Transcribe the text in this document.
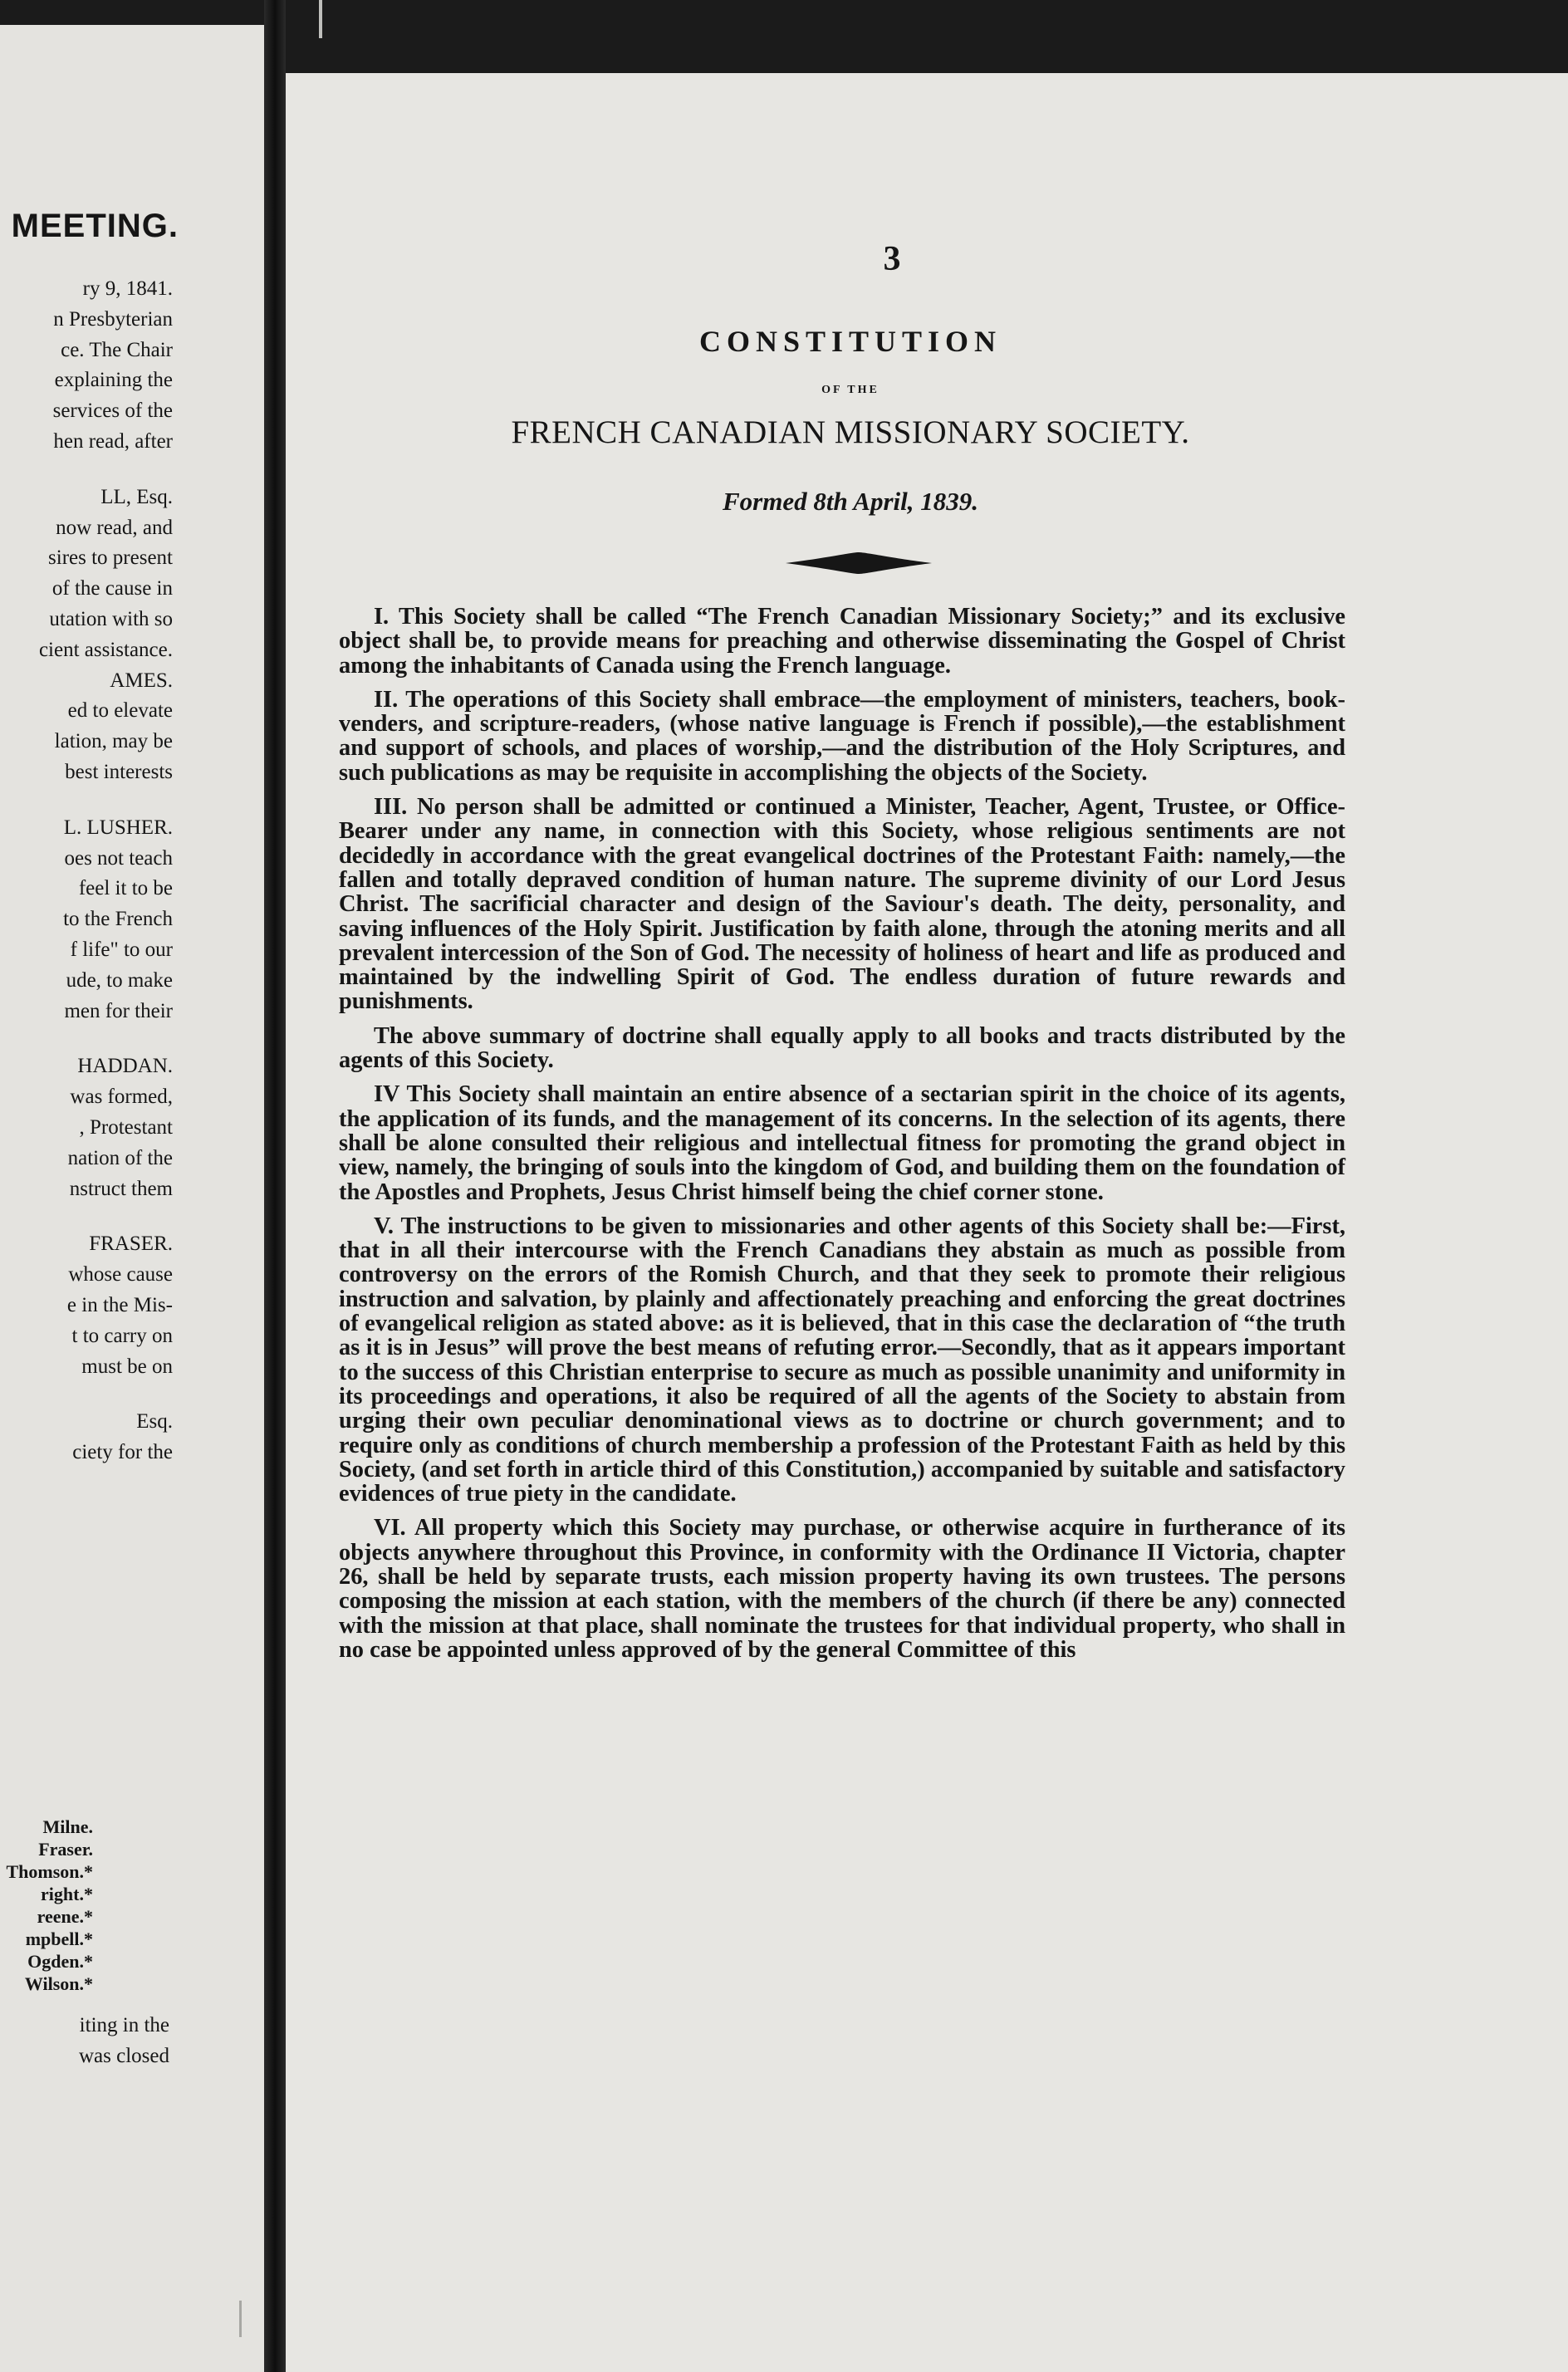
MEETING.
ry 9, 1841.
n Presbyterian
ce. The Chair
explaining the
services of the
hen read, after
LL, Esq.
now read, and
sires to present
of the cause in
utation with so
cient assistance.
AMES.
ed to elevate
lation, may be
best interests
L. LUSHER.
oes not teach
feel it to be
to the French
f life" to our
ude, to make
men for their
HADDAN.
was formed,
, Protestant
nation of the
nstruct them
FRASER.
whose cause
e in the Mis-
t to carry on
must be on
Esq.
ciety for the
Milne.
Fraser.
Thomson.*
right.*
reene.*
mpbell.*
Ogden.*
Wilson.*
iting in the
was closed
3
CONSTITUTION
OF THE
FRENCH CANADIAN MISSIONARY SOCIETY.
Formed 8th April, 1839.

I. This Society shall be called “The French Canadian Missionary Society;” and its exclusive object shall be, to provide means for preaching and otherwise disseminating the Gospel of Christ among the inhabitants of Canada using the French language.

II. The operations of this Society shall embrace—the employment of ministers, teachers, book-venders, and scripture-readers, (whose native language is French if possible),—the establishment and support of schools, and places of worship,—and the distribution of the Holy Scriptures, and such publications as may be requisite in accomplishing the objects of the Society.

III. No person shall be admitted or continued a Minister, Teacher, Agent, Trustee, or Office-Bearer under any name, in connection with this Society, whose religious sentiments are not decidedly in accordance with the great evangelical doctrines of the Protestant Faith: namely,—the fallen and totally depraved condition of human nature. The supreme divinity of our Lord Jesus Christ. The sacrificial character and design of the Saviour's death. The deity, personality, and saving influences of the Holy Spirit. Justification by faith alone, through the atoning merits and all prevalent intercession of the Son of God. The necessity of holiness of heart and life as produced and maintained by the indwelling Spirit of God. The endless duration of future rewards and punishments.

The above summary of doctrine shall equally apply to all books and tracts distributed by the agents of this Society.

IV This Society shall maintain an entire absence of a sectarian spirit in the choice of its agents, the application of its funds, and the management of its concerns. In the selection of its agents, there shall be alone consulted their religious and intellectual fitness for promoting the grand object in view, namely, the bringing of souls into the kingdom of God, and building them on the foundation of the Apostles and Prophets, Jesus Christ himself being the chief corner stone.

V. The instructions to be given to missionaries and other agents of this Society shall be:—First, that in all their intercourse with the French Canadians they abstain as much as possible from controversy on the errors of the Romish Church, and that they seek to promote their religious instruction and salvation, by plainly and affectionately preaching and enforcing the great doctrines of evangelical religion as stated above: as it is believed, that in this case the declaration of “the truth as it is in Jesus” will prove the best means of refuting error.—Secondly, that as it appears important to the success of this Christian enterprise to secure as much as possible unanimity and uniformity in its proceedings and operations, it also be required of all the agents of the Society to abstain from urging their own peculiar denominational views as to doctrine or church government; and to require only as conditions of church membership a profession of the Protestant Faith as held by this Society, (and set forth in article third of this Constitution,) accompanied by suitable and satisfactory evidences of true piety in the candidate.

VI. All property which this Society may purchase, or otherwise acquire in furtherance of its objects anywhere throughout this Province, in conformity with the Ordinance II Victoria, chapter 26, shall be held by separate trusts, each mission property having its own trustees. The persons composing the mission at each station, with the members of the church (if there be any) connected with the mission at that place, shall nominate the trustees for that individual property, who shall in no case be appointed unless approved of by the general Committee of this
